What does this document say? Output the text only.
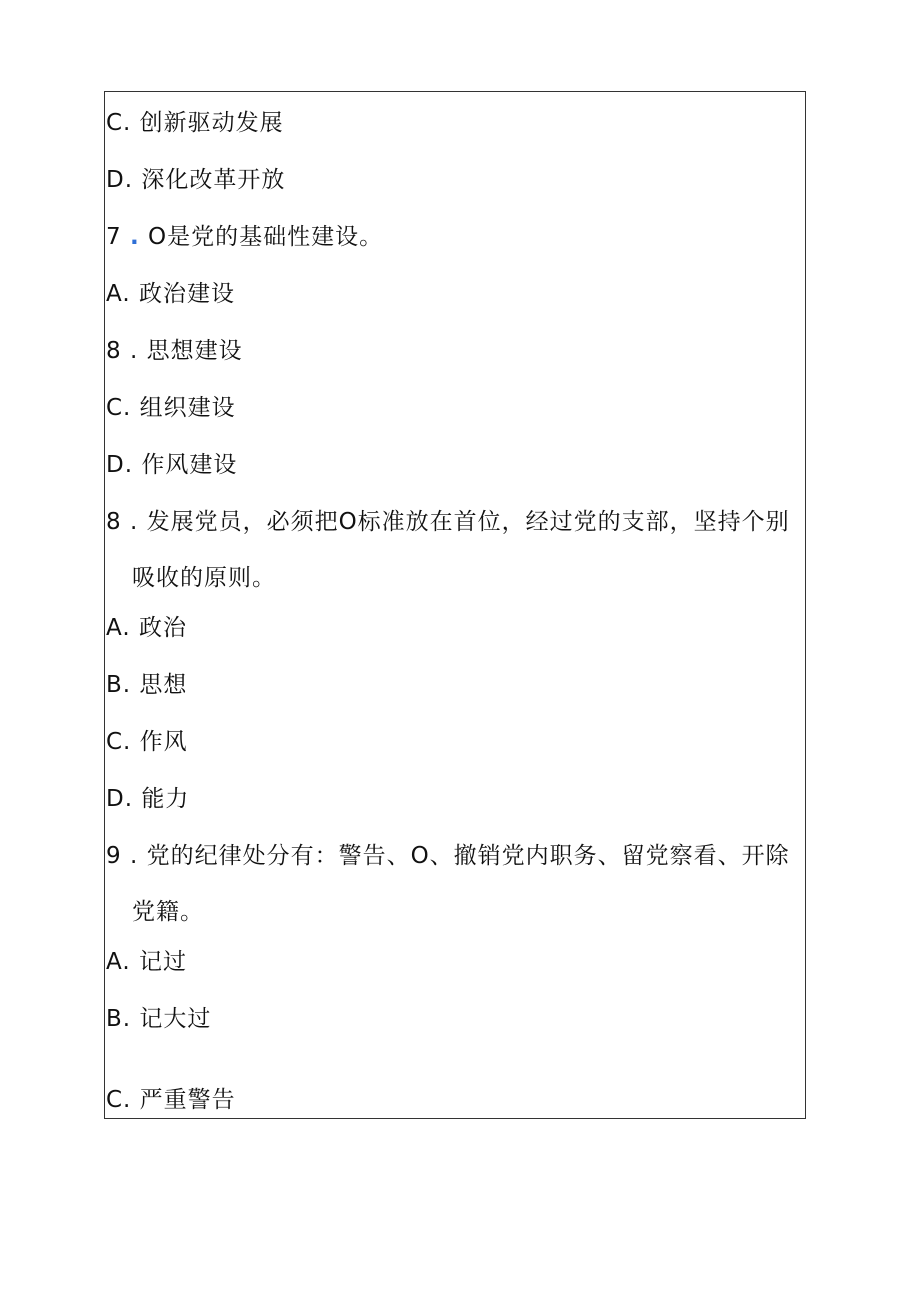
C. 创新驱动发展
D. 深化改革开放
7 . O是党的基础性建设。
A. 政治建设
8 . 思想建设
C. 组织建设
D. 作风建设
8 . 发展党员，必须把O标准放在首位，经过党的支部，坚持个别吸收的原则。
A. 政治
B. 思想
C. 作风
D. 能力
9 . 党的纪律处分有：警告、O、撤销党内职务、留党察看、开除党籍。
A. 记过
B. 记大过
C. 严重警告
